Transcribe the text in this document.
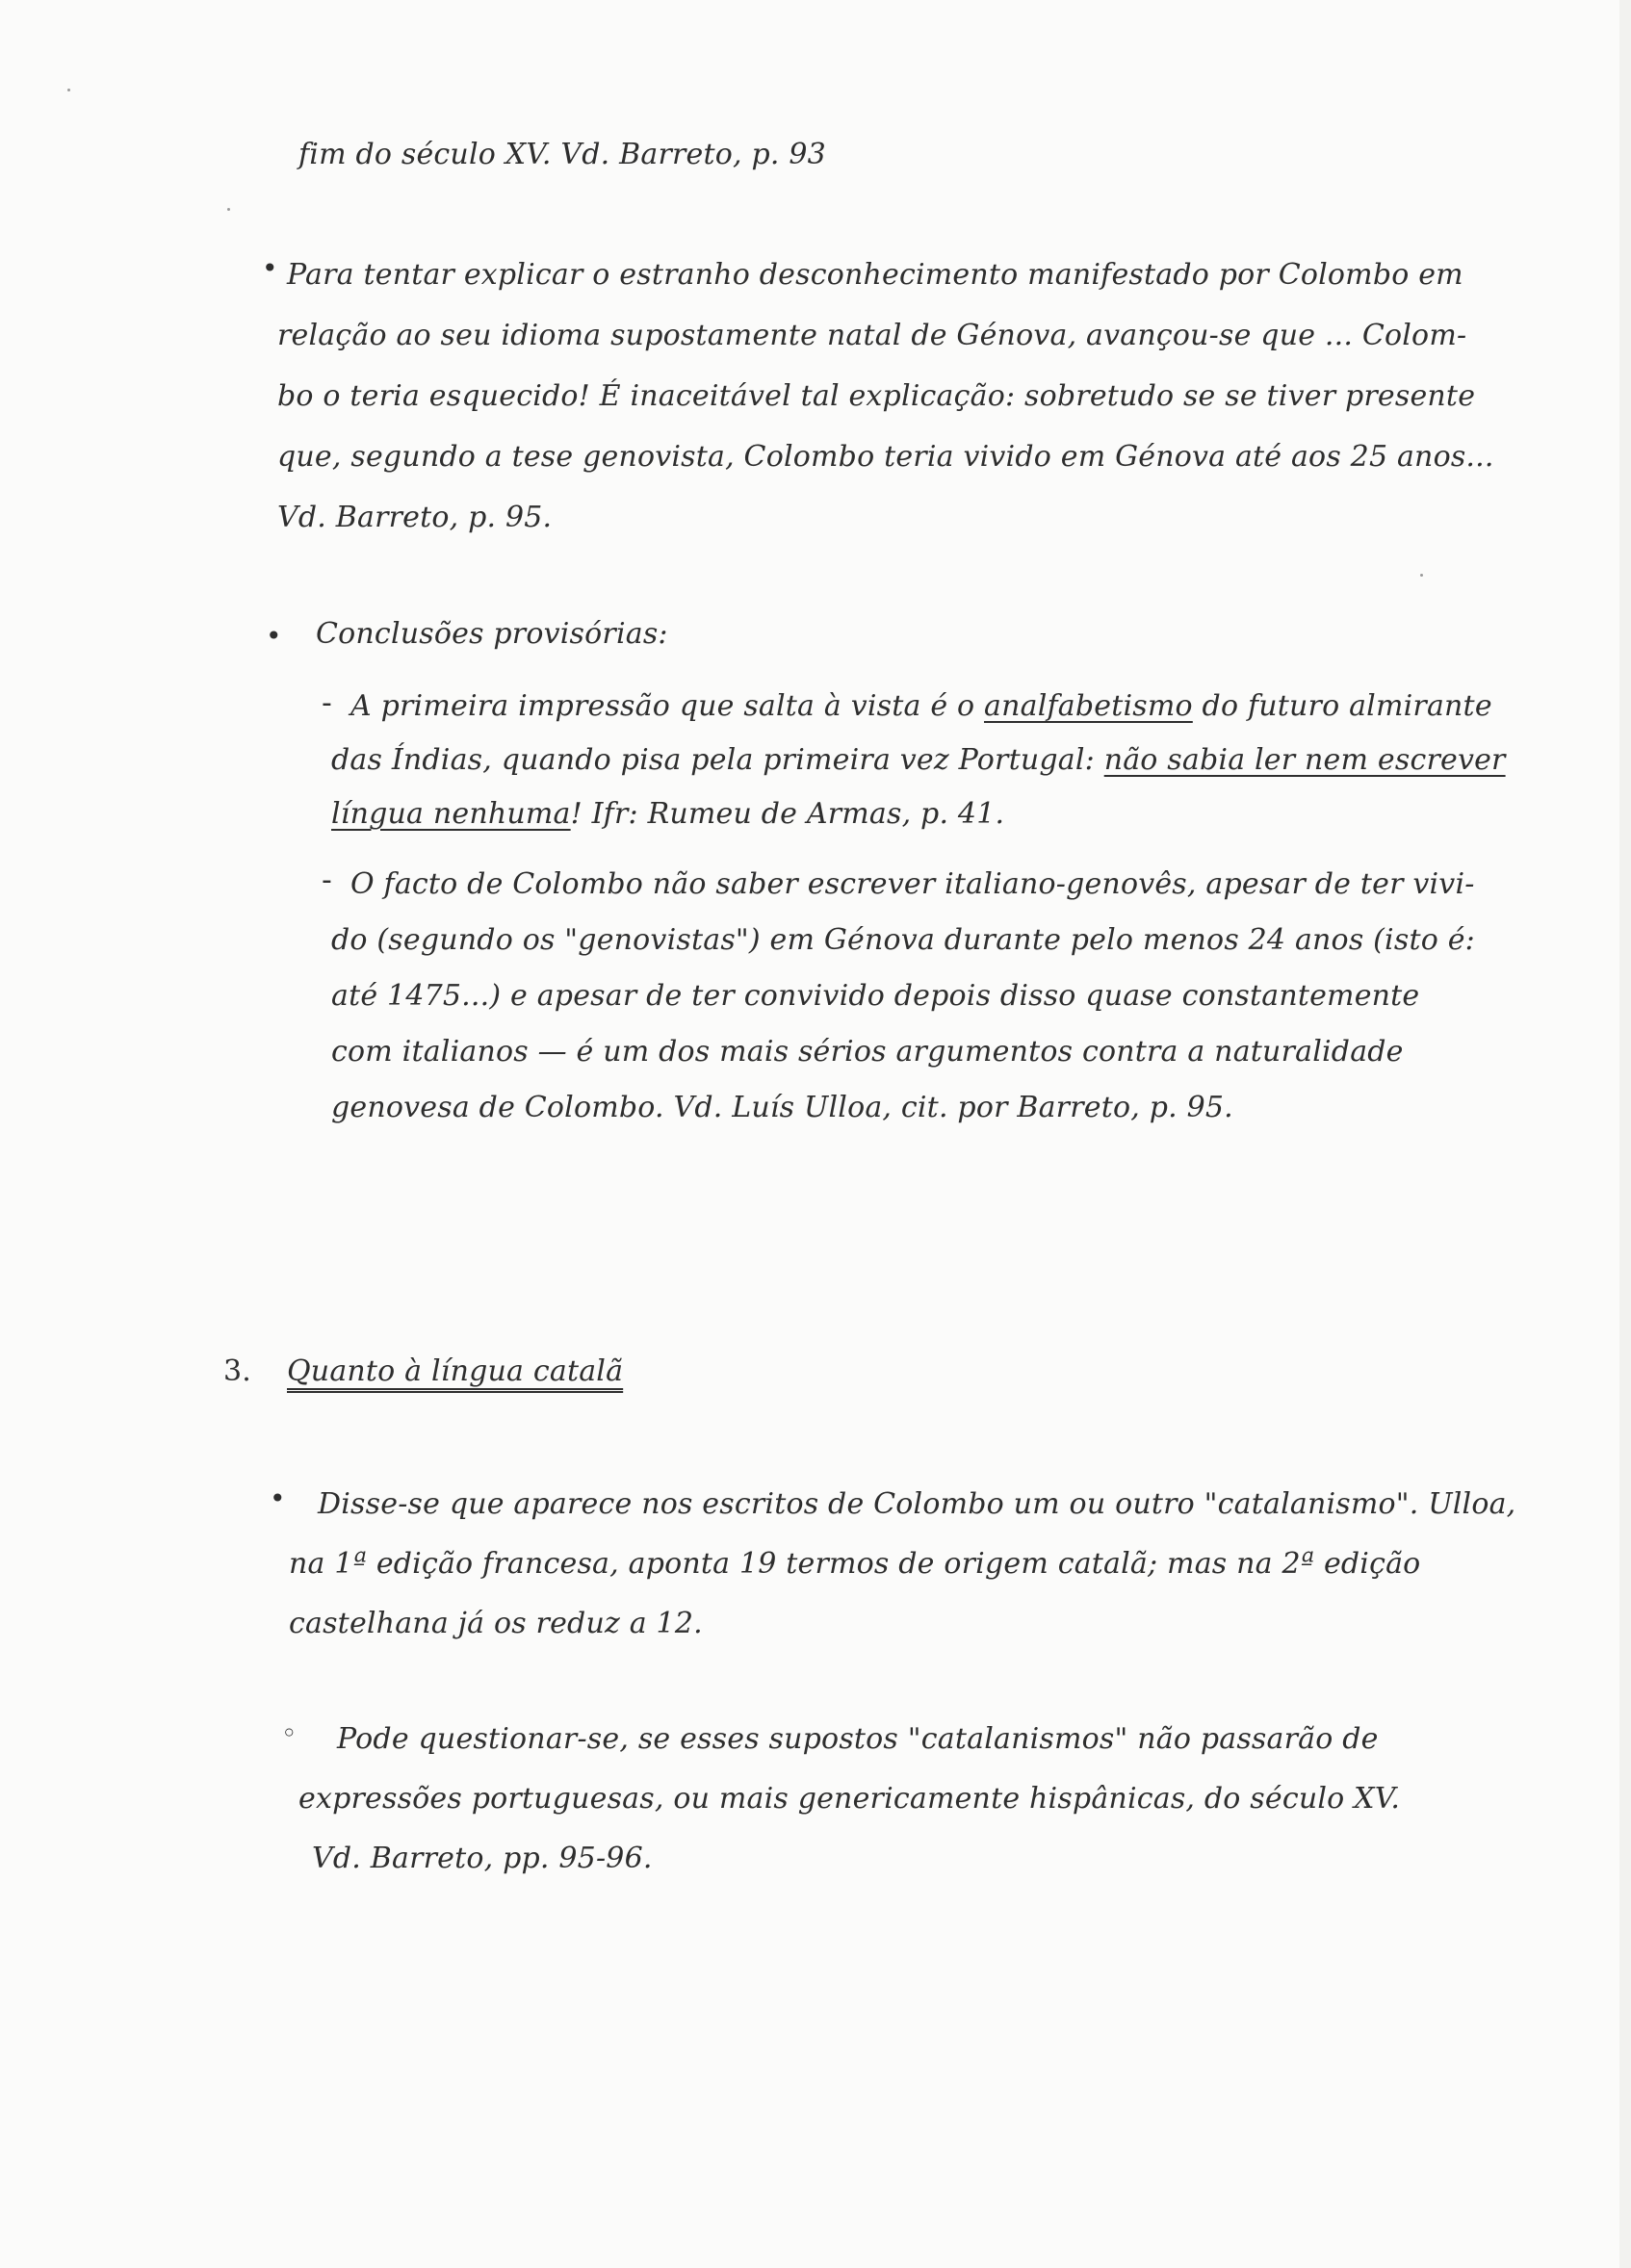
fim do século XV. Vd. Barreto, p. 93
• Para tentar explicar o estranho desconhecimento manifestado por Colombo em
relação ao seu idioma supostamente natal de Génova, avançou-se que ... Colom-
bo o teria esquecido! É inaceitável tal explicação: sobretudo se se tiver presente
que, segundo a tese genovista, Colombo teria vivido em Génova até aos 25 anos...
Vd. Barreto, p. 95.
• Conclusões provisórias:
- A primeira impressão que salta à vista é o analfabetismo do futuro almirante
das Índias, quando pisa pela primeira vez Portugal: não sabia ler nem escrever
língua nenhuma! Ifr: Rumeu de Armas, p. 41.
- O facto de Colombo não saber escrever italiano-genovês, apesar de ter vivi-
do (segundo os "genovistas") em Génova durante pelo menos 24 anos (isto é:
até 1475...) e apesar de ter convivido depois disso quase constantemente
com italianos — é um dos mais sérios argumentos contra a naturalidade
genovesa de Colombo. Vd. Luís Ulloa, cit. por Barreto, p. 95.
3. Quanto à língua catalã
• Disse-se que aparece nos escritos de Colombo um ou outro "catalanismo". Ulloa,
na 1ª edição francesa, aponta 19 termos de origem catalã; mas na 2ª edição
castelhana já os reduz a 12.
◦ Pode questionar-se, se esses supostos "catalanismos" não passarão de
expressões portuguesas, ou mais genericamente hispânicas, do século XV.
Vd. Barreto, pp. 95-96.
